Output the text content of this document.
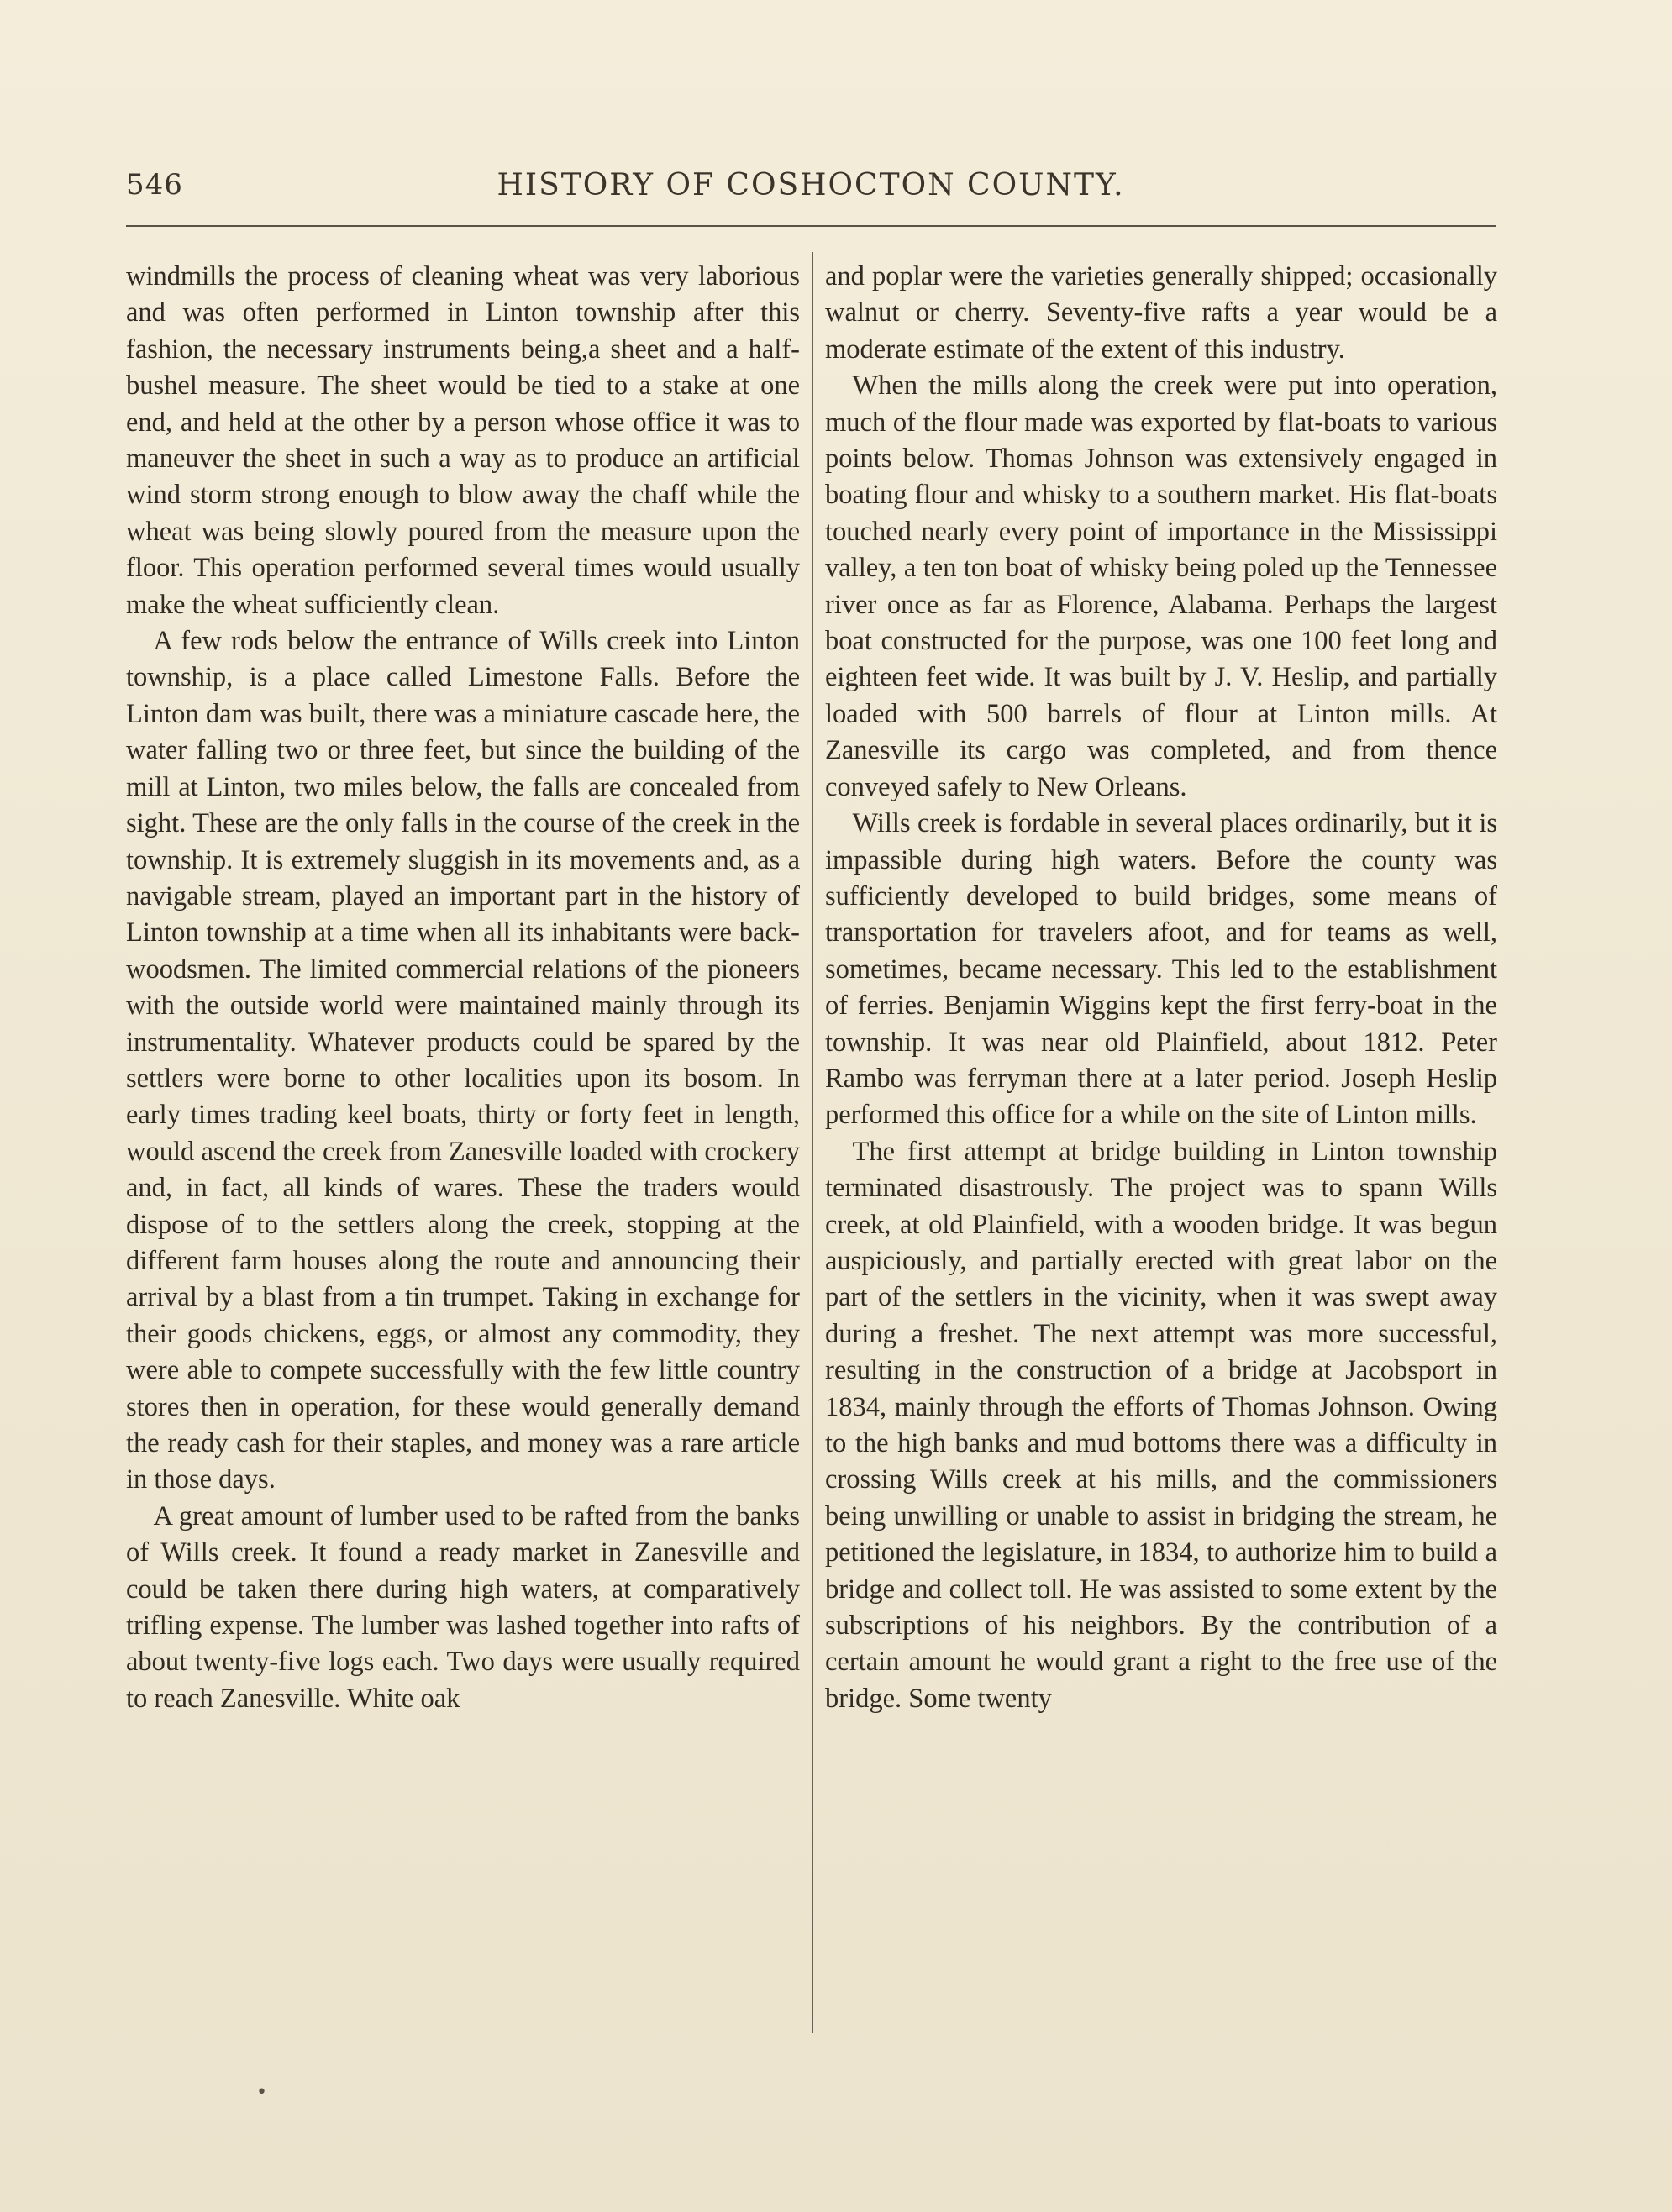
546	HISTORY OF COSHOCTON COUNTY.

windmills the process of cleaning wheat was very laborious and was often performed in Linton township after this fashion, the necessary instruments being,a sheet and a half-bushel measure. The sheet would be tied to a stake at one end, and held at the other by a person whose office it was to maneuver the sheet in such a way as to produce an artificial wind storm strong enough to blow away the chaff while the wheat was being slowly poured from the measure upon the floor. This operation performed several times would usually make the wheat sufficiently clean.

A few rods below the entrance of Wills creek into Linton township, is a place called Limestone Falls. Before the Linton dam was built, there was a miniature cascade here, the water falling two or three feet, but since the building of the mill at Linton, two miles below, the falls are concealed from sight. These are the only falls in the course of the creek in the township. It is extremely sluggish in its movements and, as a navigable stream, played an important part in the history of Linton township at a time when all its inhabitants were back-woodsmen. The limited commercial relations of the pioneers with the outside world were maintained mainly through its instrumentality. Whatever products could be spared by the settlers were borne to other localities upon its bosom. In early times trading keel boats, thirty or forty feet in length, would ascend the creek from Zanesville loaded with crockery and, in fact, all kinds of wares. These the traders would dispose of to the settlers along the creek, stopping at the different farm houses along the route and announcing their arrival by a blast from a tin trumpet. Taking in exchange for their goods chickens, eggs, or almost any commodity, they were able to compete successfully with the few little country stores then in operation, for these would generally demand the ready cash for their staples, and money was a rare article in those days.

A great amount of lumber used to be rafted from the banks of Wills creek. It found a ready market in Zanesville and could be taken there during high waters, at comparatively trifling expense. The lumber was lashed together into rafts of about twenty-five logs each. Two days were usually required to reach Zanesville. White oak

and poplar were the varieties generally shipped; occasionally walnut or cherry. Seventy-five rafts a year would be a moderate estimate of the extent of this industry.

When the mills along the creek were put into operation, much of the flour made was exported by flat-boats to various points below. Thomas Johnson was extensively engaged in boating flour and whisky to a southern market. His flat-boats touched nearly every point of importance in the Mississippi valley, a ten ton boat of whisky being poled up the Tennessee river once as far as Florence, Alabama. Perhaps the largest boat constructed for the purpose, was one 100 feet long and eighteen feet wide. It was built by J. V. Heslip, and partially loaded with 500 barrels of flour at Linton mills. At Zanesville its cargo was completed, and from thence conveyed safely to New Orleans.

Wills creek is fordable in several places ordinarily, but it is impassible during high waters. Before the county was sufficiently developed to build bridges, some means of transportation for travelers afoot, and for teams as well, sometimes, became necessary. This led to the establishment of ferries. Benjamin Wiggins kept the first ferry-boat in the township. It was near old Plainfield, about 1812. Peter Rambo was ferryman there at a later period. Joseph Heslip performed this office for a while on the site of Linton mills.

The first attempt at bridge building in Linton township terminated disastrously. The project was to spann Wills creek, at old Plainfield, with a wooden bridge. It was begun auspiciously, and partially erected with great labor on the part of the settlers in the vicinity, when it was swept away during a freshet. The next attempt was more successful, resulting in the construction of a bridge at Jacobsport in 1834, mainly through the efforts of Thomas Johnson. Owing to the high banks and mud bottoms there was a difficulty in crossing Wills creek at his mills, and the commissioners being unwilling or unable to assist in bridging the stream, he petitioned the legislature, in 1834, to authorize him to build a bridge and collect toll. He was assisted to some extent by the subscriptions of his neighbors. By the contribution of a certain amount he would grant a right to the free use of the bridge. Some twenty

•
